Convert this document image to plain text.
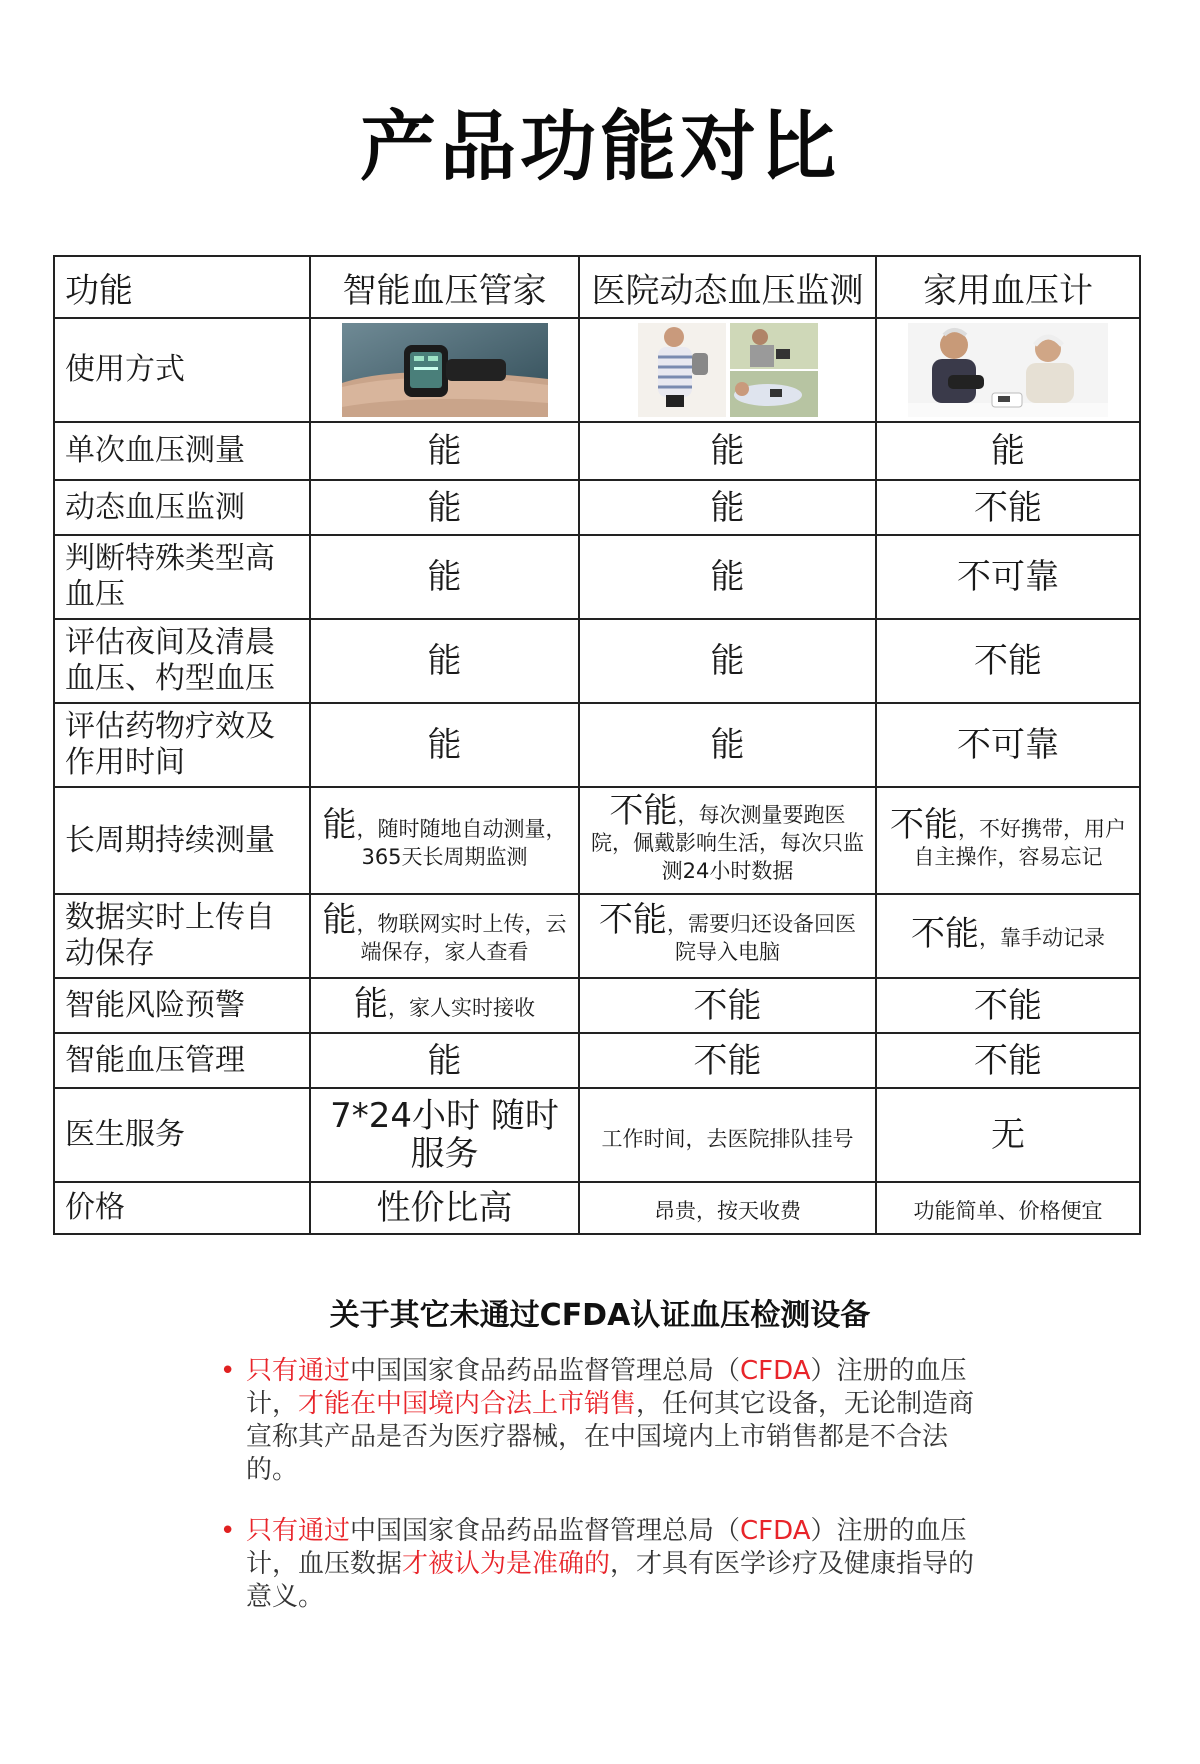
产品功能对比
功能	智能血压管家	医院动态血压监测	家用血压计
使用方式	

单次血压测量	能	能	能
动态血压监测	能	能	不能
判断特殊类型高血压	能	能	不可靠
评估夜间及清晨血压、杓型血压	能	能	不能
评估药物疗效及作用时间	能	能	不可靠
长周期持续测量	能，随时随地自动测量，365天长周期监测	不能，每次测量要跑医院，佩戴影响生活，每次只监测24小时数据	不能，不好携带，用户自主操作，容易忘记
数据实时上传自动保存	能，物联网实时上传，云端保存，家人查看	不能，需要归还设备回医院导入电脑	不能，靠手动记录
智能风险预警	能，家人实时接收	不能	不能
智能血压管理	能	不能	不能
医生服务	7*24小时 随时服务	工作时间，去医院排队挂号	无
价格	性价比高	昂贵，按天收费	功能简单、价格便宜
关于其它未通过CFDA认证血压检测设备
• 只有通过中国国家食品药品监督管理总局（CFDA）注册的血压计，才能在中国境内合法上市销售，任何其它设备，无论制造商宣称其产品是否为医疗器械，在中国境内上市销售都是不合法的。
• 只有通过中国国家食品药品监督管理总局（CFDA）注册的血压计，血压数据才被认为是准确的，才具有医学诊疗及健康指导的意义。
